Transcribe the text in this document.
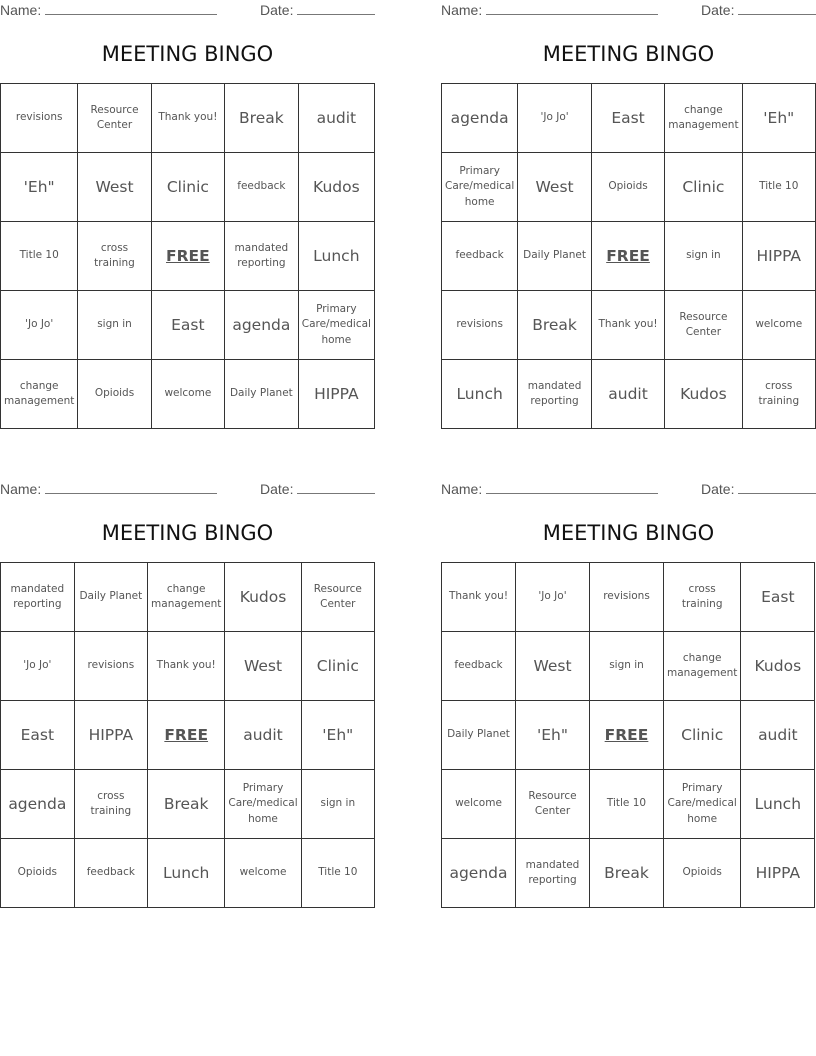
Name:	Date:
MEETING BINGO
revisions	Resource Center	Thank you!	Break	audit
'Eh"	West	Clinic	feedback	Kudos
Title 10	cross training	FREE	mandated reporting	Lunch
'Jo Jo'	sign in	East	agenda	Primary Care/medical home
change management	Opioids	welcome	Daily Planet	HIPPA
Name:	Date:
MEETING BINGO
agenda	'Jo Jo'	East	change management	'Eh"
Primary Care/medical home	West	Opioids	Clinic	Title 10
feedback	Daily Planet	FREE	sign in	HIPPA
revisions	Break	Thank you!	Resource Center	welcome
Lunch	mandated reporting	audit	Kudos	cross training
Name:	Date:
MEETING BINGO
mandated reporting	Daily Planet	change management	Kudos	Resource Center
'Jo Jo'	revisions	Thank you!	West	Clinic
East	HIPPA	FREE	audit	'Eh"
agenda	cross training	Break	Primary Care/medical home	sign in
Opioids	feedback	Lunch	welcome	Title 10
Name:	Date:
MEETING BINGO
Thank you!	'Jo Jo'	revisions	cross training	East
feedback	West	sign in	change management	Kudos
Daily Planet	'Eh"	FREE	Clinic	audit
welcome	Resource Center	Title 10	Primary Care/medical home	Lunch
agenda	mandated reporting	Break	Opioids	HIPPA
